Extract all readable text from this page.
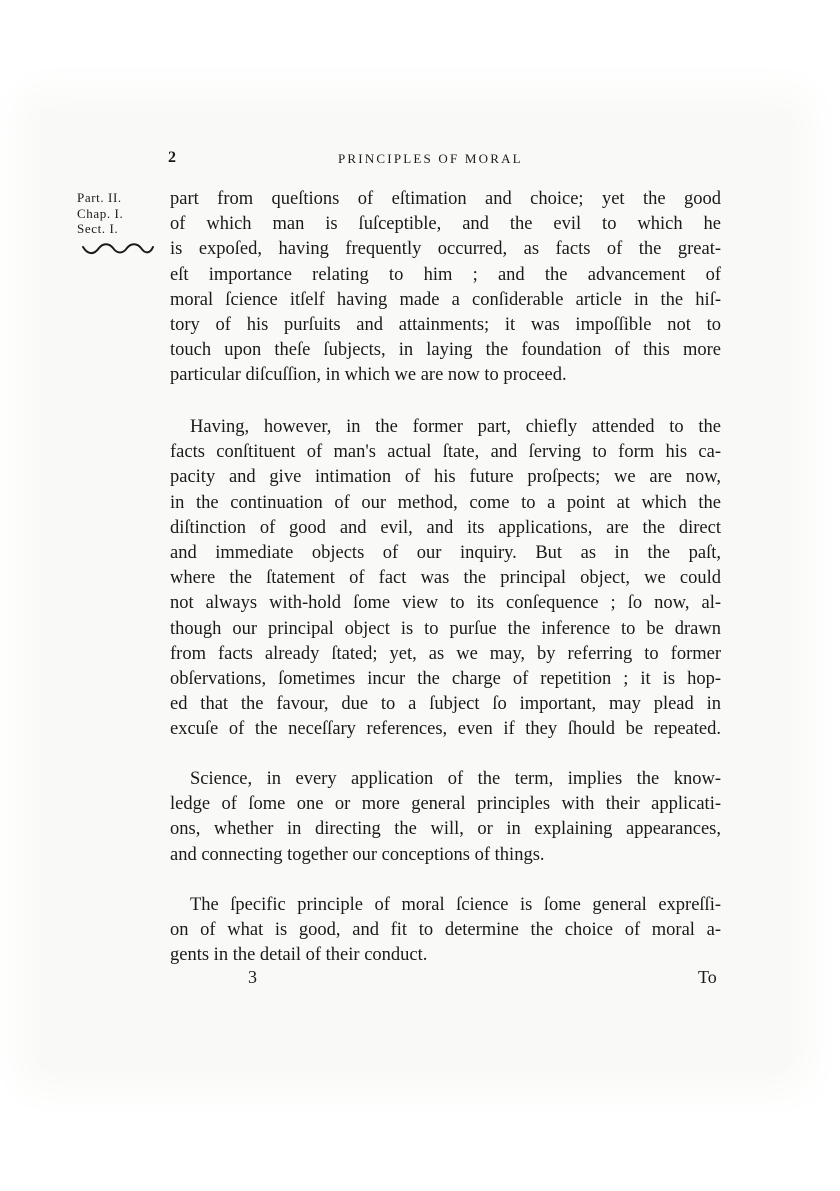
2	PRINCIPLES OF MORAL
Part. II.
Chap. I.
Sect. I.
part from queſtions of eſtimation and choice; yet the good
of which man is ſuſceptible, and the evil to which he
is expoſed, having frequently occurred, as facts of the great-
eſt importance relating to him ; and the advancement of
moral ſcience itſelf having made a conſiderable article in the hiſ-
tory of his purſuits and attainments; it was impoſſible not to
touch upon theſe ſubjects, in laying the foundation of this more
particular diſcuſſion, in which we are now to proceed.
Having, however, in the former part, chiefly attended to the
facts conſtituent of man's actual ſtate, and ſerving to form his ca-
pacity and give intimation of his future proſpects; we are now,
in the continuation of our method, come to a point at which the
diſtinction of good and evil, and its applications, are the direct
and immediate objects of our inquiry. But as in the paſt,
where the ſtatement of fact was the principal object, we could
not always with-hold ſome view to its conſequence ; ſo now, al-
though our principal object is to purſue the inference to be drawn
from facts already ſtated; yet, as we may, by referring to former
obſervations, ſometimes incur the charge of repetition ; it is hop-
ed that the favour, due to a ſubject ſo important, may plead in
excuſe of the neceſſary references, even if they ſhould be repeated.
Science, in every application of the term, implies the know-
ledge of ſome one or more general principles with their applicati-
ons, whether in directing the will, or in explaining appearances,
and connecting together our conceptions of things.
The ſpecific principle of moral ſcience is ſome general expreſſi-
on of what is good, and fit to determine the choice of moral a-
gents in the detail of their conduct.
3	To
